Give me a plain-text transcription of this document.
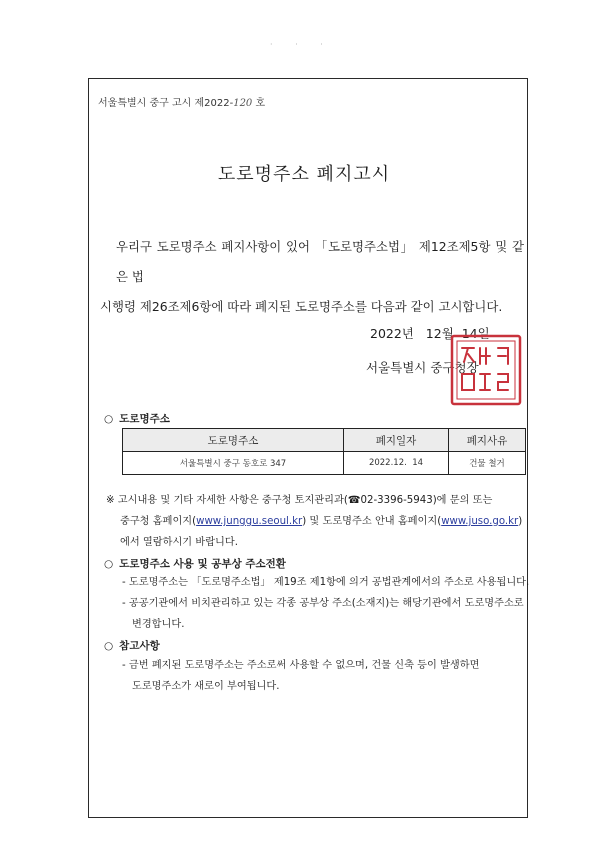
· · ·
서울특별시 중구 고시 제2022-120 호
도로명주소 폐지고시
우리구 도로명주소 폐지사항이 있어 「도로명주소법」 제12조제5항 및 같은 법
시행령 제26조제6항에 따라 폐지된 도로명주소를 다음과 같이 고시합니다.
2022년   12월  14일
서울특별시 중구청장
○ 도로명주소
도로명주소	폐지일자	폐지사유
서울특별시 중구 동호로 347	2022.12.  14	건물 철거
※ 고시내용 및 기타 자세한 사항은 중구청 토지관리과(☎02-3396-5943)에 문의 또는
중구청 홈페이지(www.junggu.seoul.kr) 및 도로명주소 안내 홈페이지(www.juso.go.kr)
에서 열람하시기 바랍니다.
○ 도로명주소 사용 및 공부상 주소전환
- 도로명주소는 「도로명주소법」 제19조 제1항에 의거 공법관계에서의 주소로 사용됩니다.
- 공공기관에서 비치관리하고 있는 각종 공부상 주소(소재지)는 해당기관에서 도로명주소로
변경합니다.
○ 참고사항
- 금번 폐지된 도로명주소는 주소로써 사용할 수 없으며, 건물 신축 등이 발생하면
도로명주소가 새로이 부여됩니다.
